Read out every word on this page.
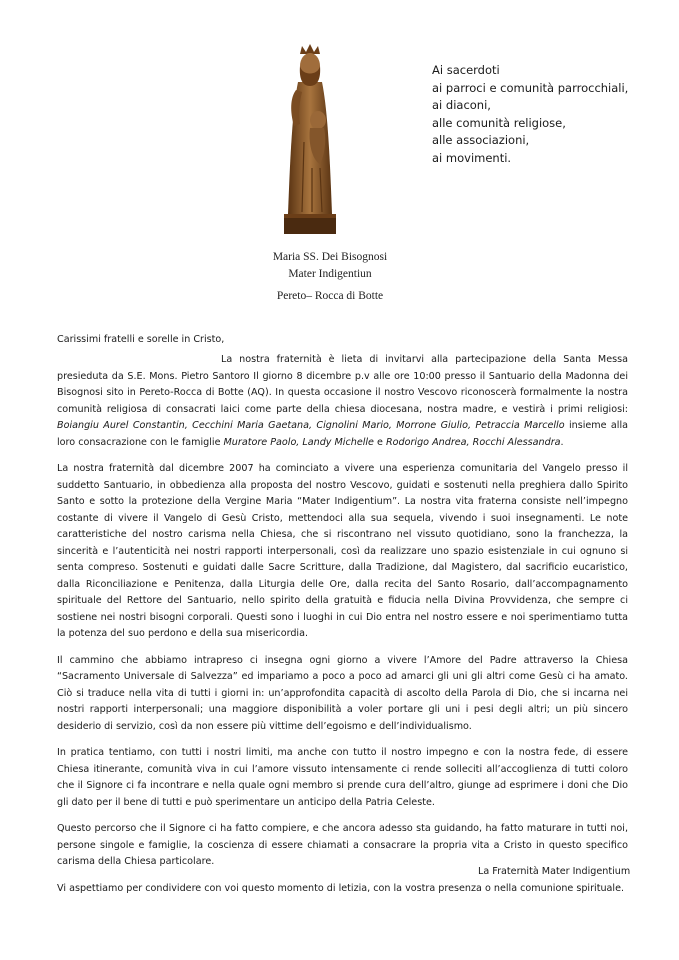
Ai sacerdoti
ai parroci e comunità parrocchiali,
ai diaconi,
alle comunità religiose,
alle associazioni,
ai movimenti.
Maria SS. Dei Bisognosi
Mater Indigentiun
Pereto– Rocca di Botte
Carissimi fratelli e sorelle in Cristo,

La nostra fraternità è lieta di invitarvi alla partecipazione della Santa Messa presieduta da S.E. Mons. Pietro Santoro Il giorno 8 dicembre p.v alle ore 10:00 presso il Santuario della Madonna dei Bisognosi sito in Pereto-Rocca di Botte (AQ). In questa occasione il nostro Vescovo riconoscerà formalmente la nostra comunità religiosa di consacrati laici come parte della chiesa diocesana, nostra madre, e vestirà i primi religiosi: Boiangiu Aurel Constantin, Cecchini Maria Gaetana, Cignolini Mario, Morrone Giulio, Petraccia Marcello insieme alla loro consacrazione con le famiglie Muratore Paolo, Landy Michelle e Rodorigo Andrea, Rocchi Alessandra.

La nostra fraternità dal dicembre 2007 ha cominciato a vivere una esperienza comunitaria del Vangelo presso il suddetto Santuario, in obbedienza alla proposta del nostro Vescovo, guidati e sostenuti nella preghiera dallo Spirito Santo e sotto la protezione della Vergine Maria “Mater Indigentium”. La nostra vita fraterna consiste nell’impegno costante di vivere il Vangelo di Gesù Cristo, mettendoci alla sua sequela, vivendo i suoi insegnamenti. Le note caratteristiche del nostro carisma nella Chiesa, che si riscontrano nel vissuto quotidiano, sono la franchezza, la sincerità e l’autenticità nei nostri rapporti interpersonali, così da realizzare uno spazio esistenziale in cui ognuno si senta compreso. Sostenuti e guidati dalle Sacre Scritture, dalla Tradizione, dal Magistero, dal sacrificio eucaristico, dalla Riconciliazione e Penitenza, dalla Liturgia delle Ore, dalla recita del Santo Rosario, dall’accompagnamento spirituale del Rettore del Santuario, nello spirito della gratuità e fiducia nella Divina Provvidenza, che sempre ci sostiene nei nostri bisogni corporali. Questi sono i luoghi in cui Dio entra nel nostro essere e noi sperimentiamo tutta la potenza del suo perdono e della sua misericordia.

Il cammino che abbiamo intrapreso ci insegna ogni giorno a vivere l’Amore del Padre attraverso la Chiesa “Sacramento Universale di Salvezza” ed impariamo a poco a poco ad amarci gli uni gli altri come Gesù ci ha amato. Ciò si traduce nella vita di tutti i giorni in: un’approfondita capacità di ascolto della Parola di Dio, che si incarna nei nostri rapporti interpersonali; una maggiore disponibilità a voler portare gli uni i pesi degli altri; un più sincero desiderio di servizio, così da non essere più vittime dell’egoismo e dell’individualismo.

In pratica tentiamo, con tutti i nostri limiti, ma anche con tutto il nostro impegno e con la nostra fede, di essere Chiesa itinerante, comunità viva in cui l’amore vissuto intensamente ci rende solleciti all’accoglienza di tutti coloro che il Signore ci fa incontrare e nella quale ogni membro si prende cura dell’altro, giunge ad esprimere i doni che Dio gli dato per il bene di tutti e può sperimentare un anticipo della Patria Celeste.

Questo percorso che il Signore ci ha fatto compiere, e che ancora adesso sta guidando, ha fatto maturare in tutti noi, persone singole e famiglie, la coscienza di essere chiamati a consacrare la propria vita a Cristo in questo specifico carisma della Chiesa particolare.

Vi aspettiamo per condividere con voi questo momento di letizia, con la vostra presenza o nella comunione spirituale.

La Fraternità Mater Indigentium
